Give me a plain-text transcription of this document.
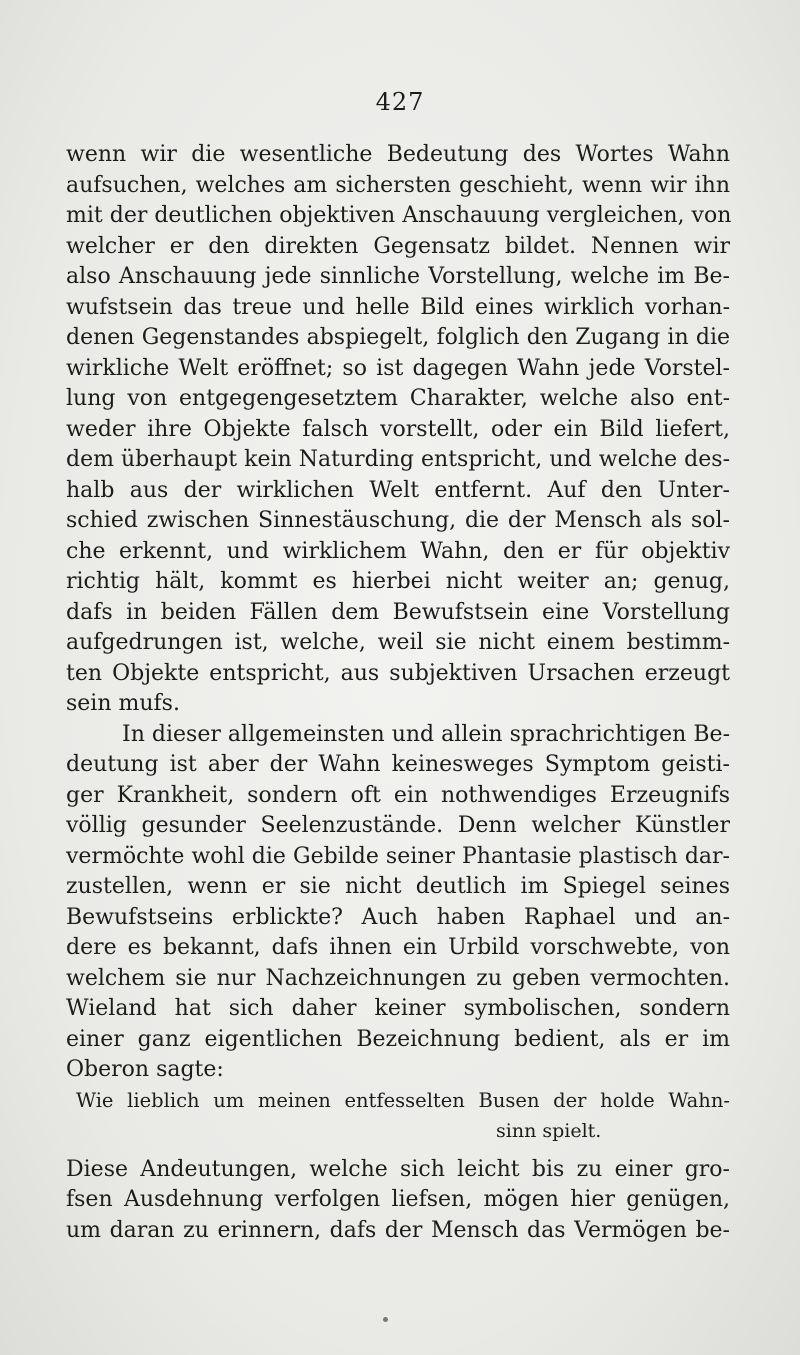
427
wenn wir die wesentliche Bedeutung des Wortes Wahn
aufsuchen, welches am sichersten geschieht, wenn wir ihn
mit der deutlichen objektiven Anschauung vergleichen, von
welcher er den direkten Gegensatz bildet. Nennen wir
also Anschauung jede sinnliche Vorstellung, welche im Be-
wufstsein das treue und helle Bild eines wirklich vorhan-
denen Gegenstandes abspiegelt, folglich den Zugang in die
wirkliche Welt eröffnet; so ist dagegen Wahn jede Vorstel-
lung von entgegengesetztem Charakter, welche also ent-
weder ihre Objekte falsch vorstellt, oder ein Bild liefert,
dem überhaupt kein Naturding entspricht, und welche des-
halb aus der wirklichen Welt entfernt. Auf den Unter-
schied zwischen Sinnestäuschung, die der Mensch als sol-
che erkennt, und wirklichem Wahn, den er für objektiv
richtig hält, kommt es hierbei nicht weiter an; genug,
dafs in beiden Fällen dem Bewufstsein eine Vorstellung
aufgedrungen ist, welche, weil sie nicht einem bestimm-
ten Objekte entspricht, aus subjektiven Ursachen erzeugt
sein mufs.
In dieser allgemeinsten und allein sprachrichtigen Be-
deutung ist aber der Wahn keinesweges Symptom geisti-
ger Krankheit, sondern oft ein nothwendiges Erzeugnifs
völlig gesunder Seelenzustände. Denn welcher Künstler
vermöchte wohl die Gebilde seiner Phantasie plastisch dar-
zustellen, wenn er sie nicht deutlich im Spiegel seines
Bewufstseins erblickte? Auch haben Raphael und an-
dere es bekannt, dafs ihnen ein Urbild vorschwebte, von
welchem sie nur Nachzeichnungen zu geben vermochten.
Wieland hat sich daher keiner symbolischen, sondern
einer ganz eigentlichen Bezeichnung bedient, als er im
Oberon sagte:
Wie lieblich um meinen entfesselten Busen der holde Wahn-
sinn spielt.
Diese Andeutungen, welche sich leicht bis zu einer gro-
fsen Ausdehnung verfolgen liefsen, mögen hier genügen,
um daran zu erinnern, dafs der Mensch das Vermögen be-
